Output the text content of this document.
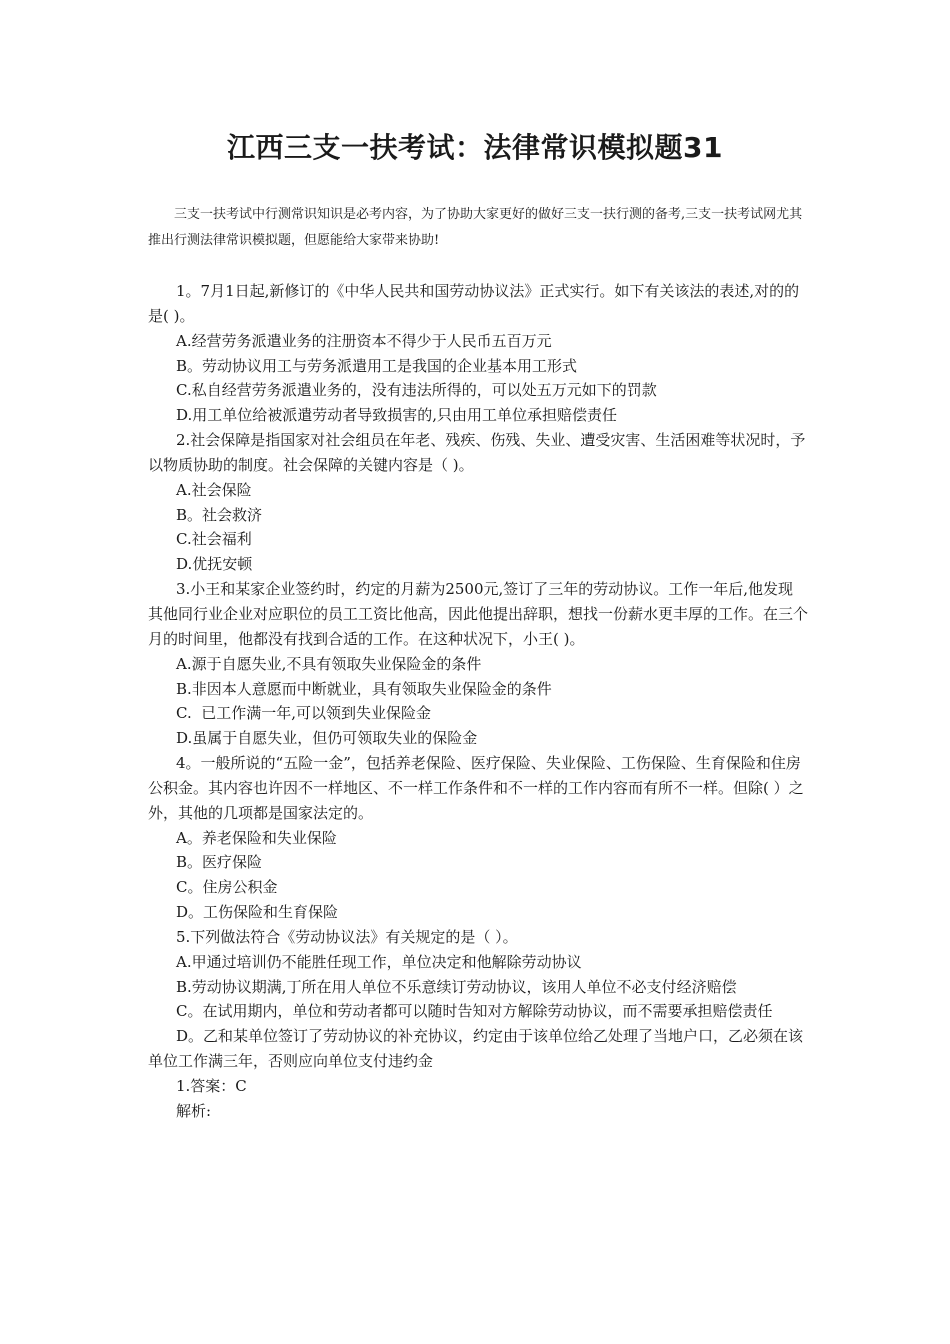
江西三支一扶考试：法律常识模拟题31

三支一扶考试中行测常识知识是必考内容，为了协助大家更好的做好三支一扶行测的备考,三支一扶考试网尤其推出行测法律常识模拟题，但愿能给大家带来协助!

1。7月1日起,新修订的《中华人民共和国劳动协议法》正式实行。如下有关该法的表述,对的的是( )。

A.经营劳务派遣业务的注册资本不得少于人民币五百万元

B。劳动协议用工与劳务派遣用工是我国的企业基本用工形式

C.私自经营劳务派遣业务的，没有违法所得的，可以处五万元如下的罚款

D.用工单位给被派遣劳动者导致损害的,只由用工单位承担赔偿责任

2.社会保障是指国家对社会组员在年老、残疾、伤残、失业、遭受灾害、生活困难等状况时，予以物质协助的制度。社会保障的关键内容是（ )。

A.社会保险

B。社会救济

C.社会福利

D.优抚安顿

3.小王和某家企业签约时，约定的月薪为2500元,签订了三年的劳动协议。工作一年后,他发现其他同行业企业对应职位的员工工资比他高，因此他提出辞职，想找一份薪水更丰厚的工作。在三个月的时间里，他都没有找到合适的工作。在这种状况下，小王( )。

A.源于自愿失业,不具有领取失业保险金的条件

B.非因本人意愿而中断就业，具有领取失业保险金的条件

C.  已工作满一年,可以领到失业保险金

D.虽属于自愿失业，但仍可领取失业的保险金

4。一般所说的“五险一金”，包括养老保险、医疗保险、失业保险、工伤保险、生育保险和住房公积金。其内容也许因不一样地区、不一样工作条件和不一样的工作内容而有所不一样。但除( ）之外，其他的几项都是国家法定的。

A。养老保险和失业保险

B。医疗保险

C。住房公积金

D。工伤保险和生育保险

5.下列做法符合《劳动协议法》有关规定的是（ ）。

A.甲通过培训仍不能胜任现工作，单位决定和他解除劳动协议

B.劳动协议期满,丁所在用人单位不乐意续订劳动协议，该用人单位不必支付经济赔偿

C。在试用期内，单位和劳动者都可以随时告知对方解除劳动协议，而不需要承担赔偿责任

D。乙和某单位签订了劳动协议的补充协议，约定由于该单位给乙处理了当地户口，乙必须在该单位工作满三年，否则应向单位支付违约金

1.答案：C

解析:
